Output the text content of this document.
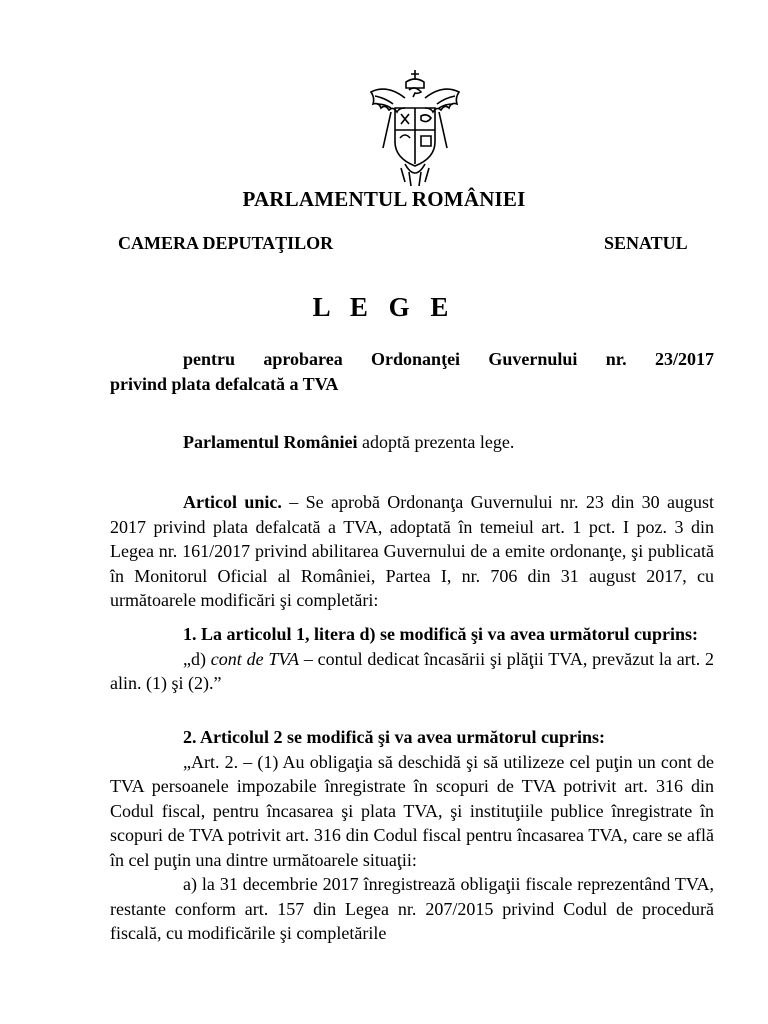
PARLAMENTUL ROMÂNIEI
CAMERA DEPUTAŢILOR	SENATUL
L E G E

pentru aprobarea Ordonanţei Guvernului nr. 23/2017

privind plata defalcată a TVA

Parlamentul României adoptă prezenta lege.
Articol unic. – Se aprobă Ordonanţa Guvernului nr. 23 din 30 august 2017 privind plata defalcată a TVA, adoptată în temeiul art. 1 pct. I poz. 3 din Legea nr. 161/2017 privind abilitarea Guvernului de a emite ordonanţe, şi publicată în Monitorul Oficial al României, Partea I, nr. 706 din 31 august 2017, cu următoarele modificări şi completări:

1. La articolul 1, litera d) se modifică şi va avea următorul cuprins:

„d) cont de TVA – contul dedicat încasării şi plăţii TVA, prevăzut la art. 2 alin. (1) şi (2).”

2. Articolul 2 se modifică şi va avea următorul cuprins:

„Art. 2. – (1) Au obligaţia să deschidă şi să utilizeze cel puţin un cont de TVA persoanele impozabile înregistrate în scopuri de TVA potrivit art. 316 din Codul fiscal, pentru încasarea şi plata TVA, şi instituţiile publice înregistrate în scopuri de TVA potrivit art. 316 din Codul fiscal pentru încasarea TVA, care se află în cel puţin una dintre următoarele situaţii:

a) la 31 decembrie 2017 înregistrează obligaţii fiscale reprezentând TVA, restante conform art. 157 din Legea nr. 207/2015 privind Codul de procedură fiscală, cu modificările şi completările
